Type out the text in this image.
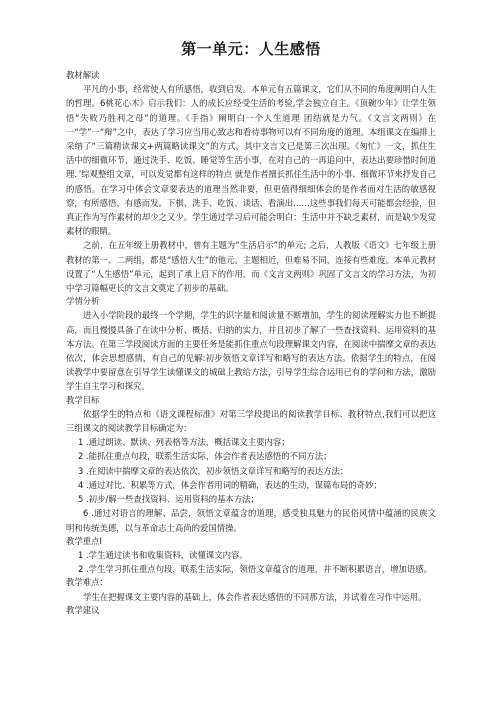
第一单元：人生感悟

教材解读

平凡的小事，经常使人有所感悟，收到启发。本单元有五篇课文，它们从不同的角度阐明白人生的哲理。6桃花心木》启示我们：人的成长应经受生活的考验,学会独立自主。《顶碗少年》让学生领悟“失败乃胜利之母”的道理。《手指》阐明白一个人生道理 团结就是力气。《文言文两则》在一“学”一“辩”之中，表达了学习应当用心致志和看待事物可以有不同角度的道理。本组课文在编排上采纳了“三篇精读课文+两篇略读课文”的方式，其中文言文已是第三次出现。《匆忙》一文，抓住生活中的细微环节，通过洗手、吃饭、睡觉等生活小事，在对自己的一再追问中，表达出要珍惜时间道理．’综观整组文章，可以发觉都有这样的特点 就是作者擅长抓住生活中的小事、细微环节来抒发自己的感悟。在学习中体会文章要表达的道理当然非要，但更值得细细体会的是作者面对生活的敏感视察，有所感悟，有感而发。下棋、洗手、吃饭、谈话、看演出……这些事我们每天可能都会经验，但真正作为写作素材的却少之又少。学生通过学习后可能会明白：生活中并不缺乏素材，而是缺少发觉素材的眼睛。

之前，在五年级上册教材中，曾有主题为“生活启示”的单元; 之后，人教版《语文》七年级上册教材的第一、二两组，都是“感悟人生”的他元。主题相近，但难易不同，连接有些难度。本单元教材设置了“人生感悟”单元，起到了承上启下的作用，而《文言文两则》巩固了文言文的学习方法，为初中学习篇幅更长的文言文奠定了初步的基础。

学情分析

进入小学阶段的最终一个学期，学生的识字量和阅读量不断增加，学生的阅读理解实力也不断提高，而且慢慢具备了在读中分析、概括、归纳的实力，并且初步了解了一些查找资料、运用资料的基本方法。在第三学段阅读方面的主要任务是能抓住重点句段理解课文内容，在阅读中揣摩文章的表达依次，体会思想感情，有自己的见解:初步领悟文章详写和略写的表达方法。依据学生的特点，在阅读教学中要留意在引导学生读懂课文的城础上教给方法，引导学生综合运用已有的学问和方法，激励学生自主学习和探究。

教学目标

依据学生的特点和《语文课程标准》对第三学段提出的阅读教学目标、教材特点,我们可以把这三组课文的阅读教学目标确定为：

1 .通过朗读、默读、列表格等方法，概括课文主要内容；

2 .能抓住重点句段，联系生活实际，体会作者表达感悟的不同方法；

3 .在阅读中揣摩文章的表达依次，初步领悟文章详写和略写的表达方法；

4 .通过对比、积累等方式，体会作者用词的精确，表达的生动，谋篇布局的奇妙；

5 .初步/解一些查找资料、运用资料的基本方法；

6 .通过对语言的理解、品尝，领悟文章蕴含的道理，感受独具魅力的民俗风情中蕴涵的民族文明和传统美德，以与革命志士高尚的爱国情操。

教学重点I

1 .学生通过读书和收集资料，读懂课文内容。

2 .学生学习抓住重点句段，联系生活实际，领悟文章蕴含的道理，并不断积累语言，增加语感。

教学难点：

学生在把握课文主要内容的基础上，体会作者表达感悟的不同那方法，并试着在习作中运用。

教学建议
